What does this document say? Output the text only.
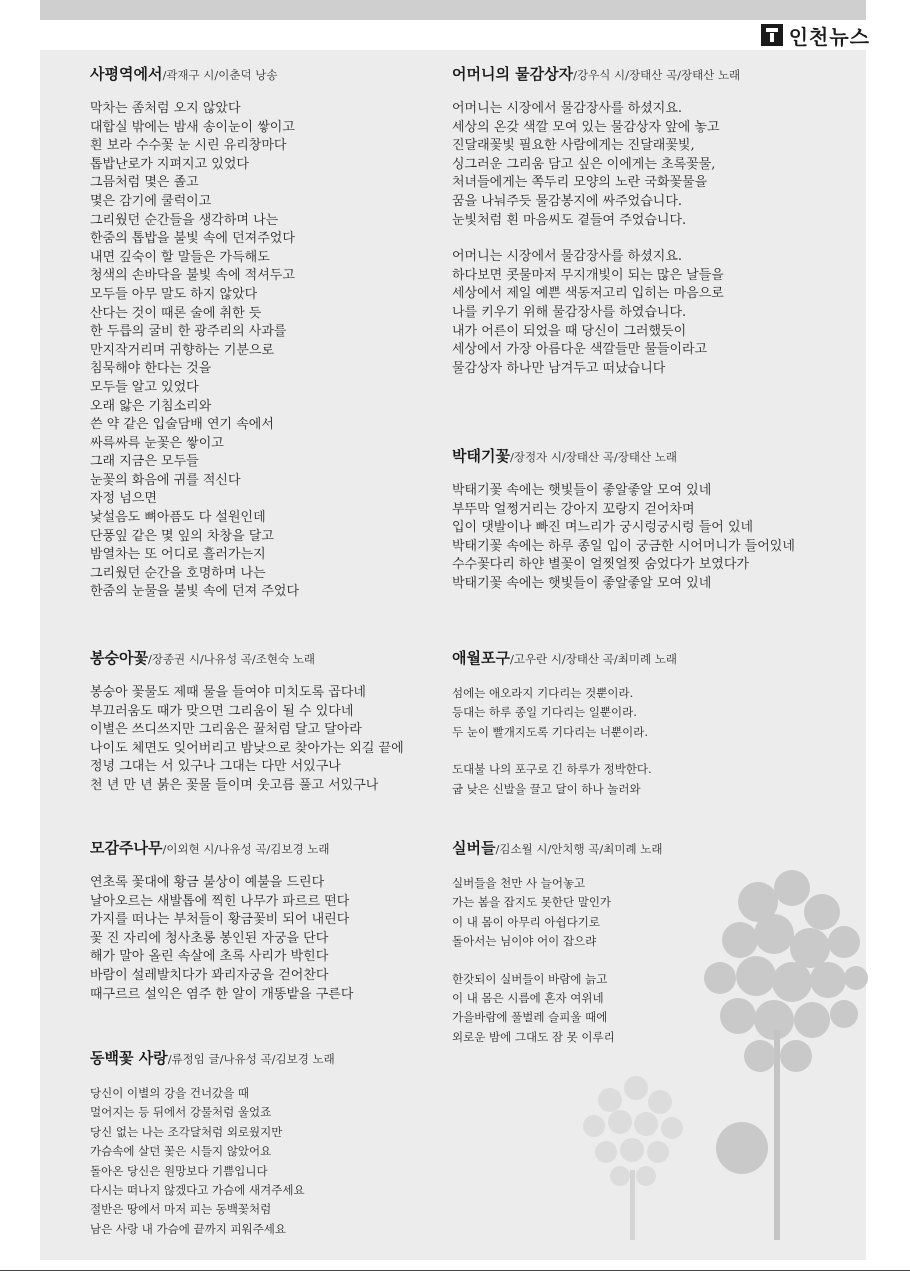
인천뉴스
사평역에서/곽재구 시/이춘덕 낭송
막차는 좀처럼 오지 않았다
대합실 밖에는 밤새 송이눈이 쌓이고
흰 보라 수수꽃 눈 시린 유리창마다
톱밥난로가 지펴지고 있었다
그믐처럼 몇은 졸고
몇은 감기에 쿨럭이고
그리웠던 순간들을 생각하며 나는
한줌의 톱밥을 불빛 속에 던져주었다
내면 깊숙이 할 말들은 가득해도
청색의 손바닥을 불빛 속에 적셔두고
모두들 아무 말도 하지 않았다
산다는 것이 때론 술에 취한 듯
한 두릅의 굴비 한 광주리의 사과를
만지작거리며 귀향하는 기분으로
침묵해야 한다는 것을
모두들 알고 있었다
오래 앓은 기침소리와
쓴 약 같은 입술담배 연기 속에서
싸륵싸륵 눈꽃은 쌓이고
그래 지금은 모두들
눈꽃의 화음에 귀를 적신다
자정 넘으면
낯설음도 뼈아픔도 다 설원인데
단풍잎 같은 몇 잎의 차창을 달고
밤열차는 또 어디로 흘러가는지
그리웠던 순간을 호명하며 나는
한줌의 눈물을 불빛 속에 던져 주었다
어머니의 물감상자/강우식 시/장태산 곡/장태산 노래
어머니는 시장에서 물감장사를 하셨지요.
세상의 온갖 색깔 모여 있는 물감상자 앞에 놓고
진달래꽃빛 필요한 사람에게는 진달래꽃빛,
싱그러운 그리움 담고 싶은 이에게는 초록꽃물,
처녀들에게는 쪽두리 모양의 노란 국화꽃물을
꿈을 나눠주듯 물감봉지에 싸주었습니다.
눈빛처럼 흰 마음씨도 곁들여 주었습니다.
어머니는 시장에서 물감장사를 하셨지요.
하다보면 콧물마저 무지개빛이 되는 많은 날들을
세상에서 제일 예쁜 색동저고리 입히는 마음으로
나를 키우기 위해 물감장사를 하였습니다.
내가 어른이 되었을 때 당신이 그러했듯이
세상에서 가장 아름다운 색깔들만 물들이라고
물감상자 하나만 남겨두고 떠났습니다
박태기꽃/장정자 시/장태산 곡/장태산 노래
박태기꽃 속에는 햇빛들이 좋알좋알 모여 있네
부뚜막 얼쩡거리는 강아지 꼬랑지 걷어차며
입이 댓발이나 빠진 며느리가 궁시렁궁시렁 들어 있네
박태기꽃 속에는 하루 종일 입이 궁금한 시어머니가 들어있네
수수꽃다리 하얀 별꽃이 얼찟얼찟 숨었다가 보였다가
박태기꽃 속에는 햇빛들이 좋알좋알 모여 있네
봉숭아꽃/장종권 시/나유성 곡/조현숙 노래
봉숭아 꽃물도 제때 물을 들여야 미치도록 곱다네
부끄러움도 때가 맞으면 그리움이 될 수 있다네
이별은 쓰디쓰지만 그리움은 꿀처럼 달고 달아라
나이도 체면도 잊어버리고 밤낮으로 찾아가는 외길 끝에
정녕 그대는 서 있구나 그대는 다만 서있구나
천 년 만 년 붉은 꽃물 들이며 웃고름 풀고 서있구나
애월포구/고우란 시/장태산 곡/최미례 노래
섬에는 애오라지 기다리는 것뿐이라.
등대는 하루 종일 기다리는 일뿐이라.
두 눈이 빨개지도록 기다리는 너뿐이라.
도대불 나의 포구로 긴 하루가 정박한다.
굽 낮은 신발을 끌고 달이 하나 놀러와
모감주나무/이외현 시/나유성 곡/김보경 노래
연초록 꽃대에 황금 불상이 예불을 드린다
날아오르는 새발톱에 찍힌 나무가 파르르 떤다
가지를 떠나는 부처들이 황금꽃비 되어 내린다
꽃 진 자리에 청사초롱 봉인된 자궁을 단다
해가 말아 올린 속살에 초록 사리가 박힌다
바람이 설레발치다가 꽈리자궁을 걷어찬다
때구르르 설익은 염주 한 알이 개똥밭을 구른다
실버들/김소월 시/안치행 곡/최미례 노래
실버들을 천만 사 늘어놓고
가는 봄을 잡지도 못한단 말인가
이 내 몸이 아무리 아쉽다기로
돌아서는 님이야 어이 잡으랴
한갓되이 실버들이 바람에 늙고
이 내 몸은 시름에 혼자 여위네
가을바람에 풀벌레 슬피울 때에
외로운 밤에 그대도 잠 못 이루리
동백꽃 사랑/류정임 글/나유성 곡/김보경 노래
당신이 이별의 강을 건너갔을 때
멀어지는 등 뒤에서 강물처럼 울었죠
당신 없는 나는 조각달처럼 외로웠지만
가슴속에 살던 꽃은 시들지 않았어요
돌아온 당신은 원망보다 기쁨입니다
다시는 떠나지 않겠다고 가슴에 새겨주세요
절반은 땅에서 마저 피는 동백꽃처럼
남은 사랑 내 가슴에 끝까지 피워주세요
